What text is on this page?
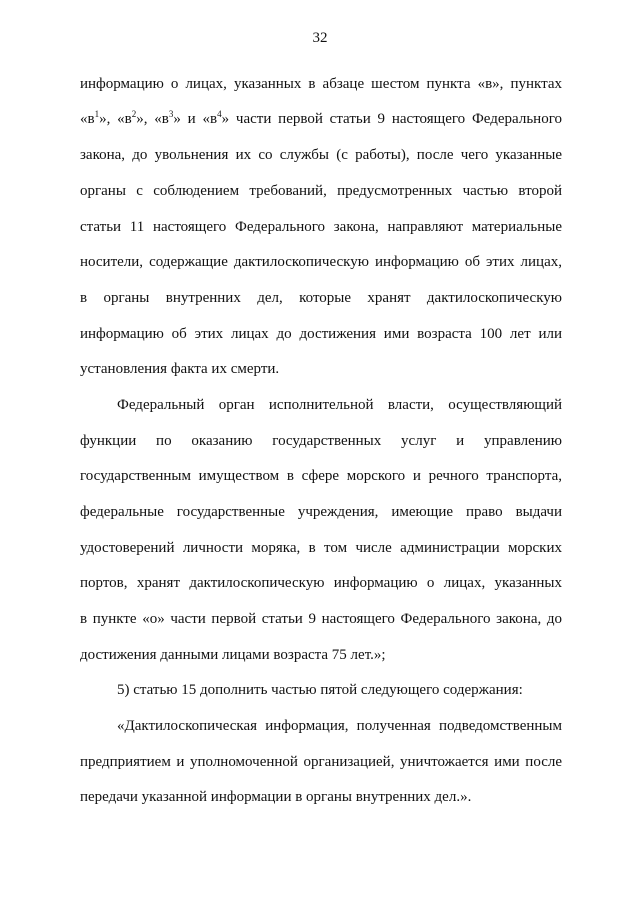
32
информацию о лицах, указанных в абзаце шестом пункта «в», пунктах
«$в^1$», «$в^2$», «$в^3$» и «$в^4$» части первой статьи 9 настоящего Федерального
закона, до увольнения их со службы (с работы), после чего указанные
органы с соблюдением требований, предусмотренных частью второй
статьи 11 настоящего Федерального закона, направляют материальные
носители, содержащие дактилоскопическую информацию об этих лицах,
в органы внутренних дел, которые хранят дактилоскопическую
информацию об этих лицах до достижения ими возраста 100 лет или
установления факта их смерти.
Федеральный орган исполнительной власти, осуществляющий
функции по оказанию государственных услуг и управлению
государственным имуществом в сфере морского и речного транспорта,
федеральные государственные учреждения, имеющие право выдачи
удостоверений личности моряка, в том числе администрации морских
портов, хранят дактилоскопическую информацию о лицах, указанных
в пункте «о» части первой статьи 9 настоящего Федерального закона, до
достижения данными лицами возраста 75 лет.»;
5) статью 15 дополнить частью пятой следующего содержания:
«Дактилоскопическая информация, полученная подведомственным
предприятием и уполномоченной организацией, уничтожается ими после
передачи указанной информации в органы внутренних дел.».
